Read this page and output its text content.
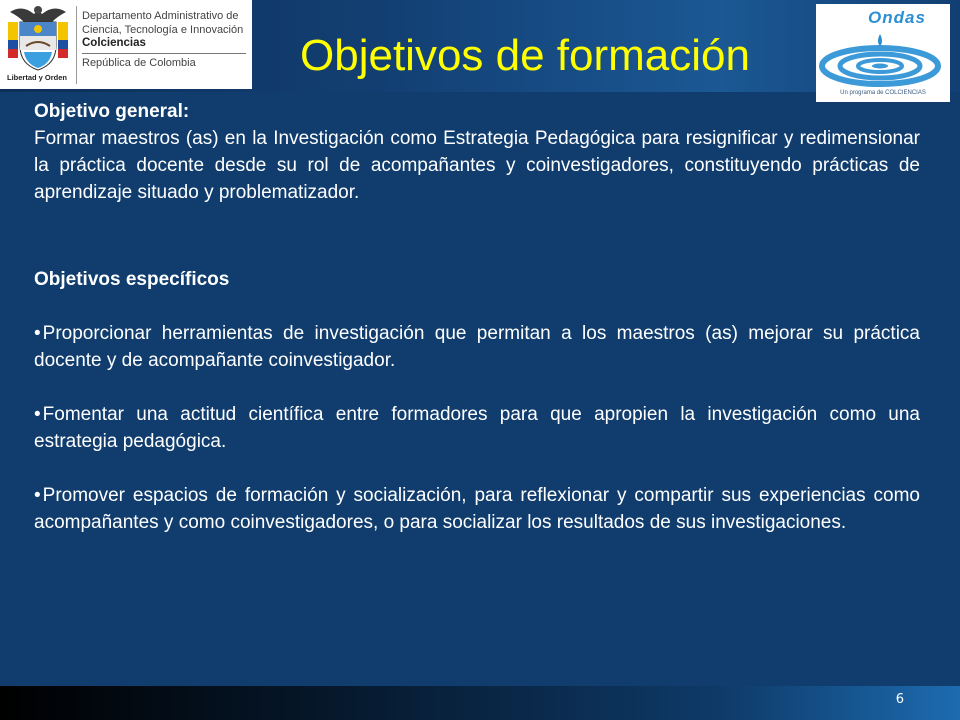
Libertad y Orden
Departamento Administrativo de
Ciencia, Tecnología e Innovación
Colciencias
República de Colombia	Objetivos de formación
Ondas
Un programa de COLCIENCIAS

Objetivo general:

Formar maestros (as) en la Investigación como Estrategia Pedagógica para resignificar y redimensionar la práctica docente desde su rol de acompañantes y coinvestigadores, constituyendo prácticas de aprendizaje situado y problematizador.

Objetivos específicos

• Proporcionar herramientas de investigación que permitan a los maestros (as) mejorar su práctica docente y de acompañante coinvestigador.

• Fomentar una actitud científica entre formadores para que apropien la investigación como una estrategia pedagógica.

• Promover espacios de formación y socialización, para reflexionar y compartir sus experiencias como acompañantes y como coinvestigadores, o para socializar los resultados de sus investigaciones.

6
